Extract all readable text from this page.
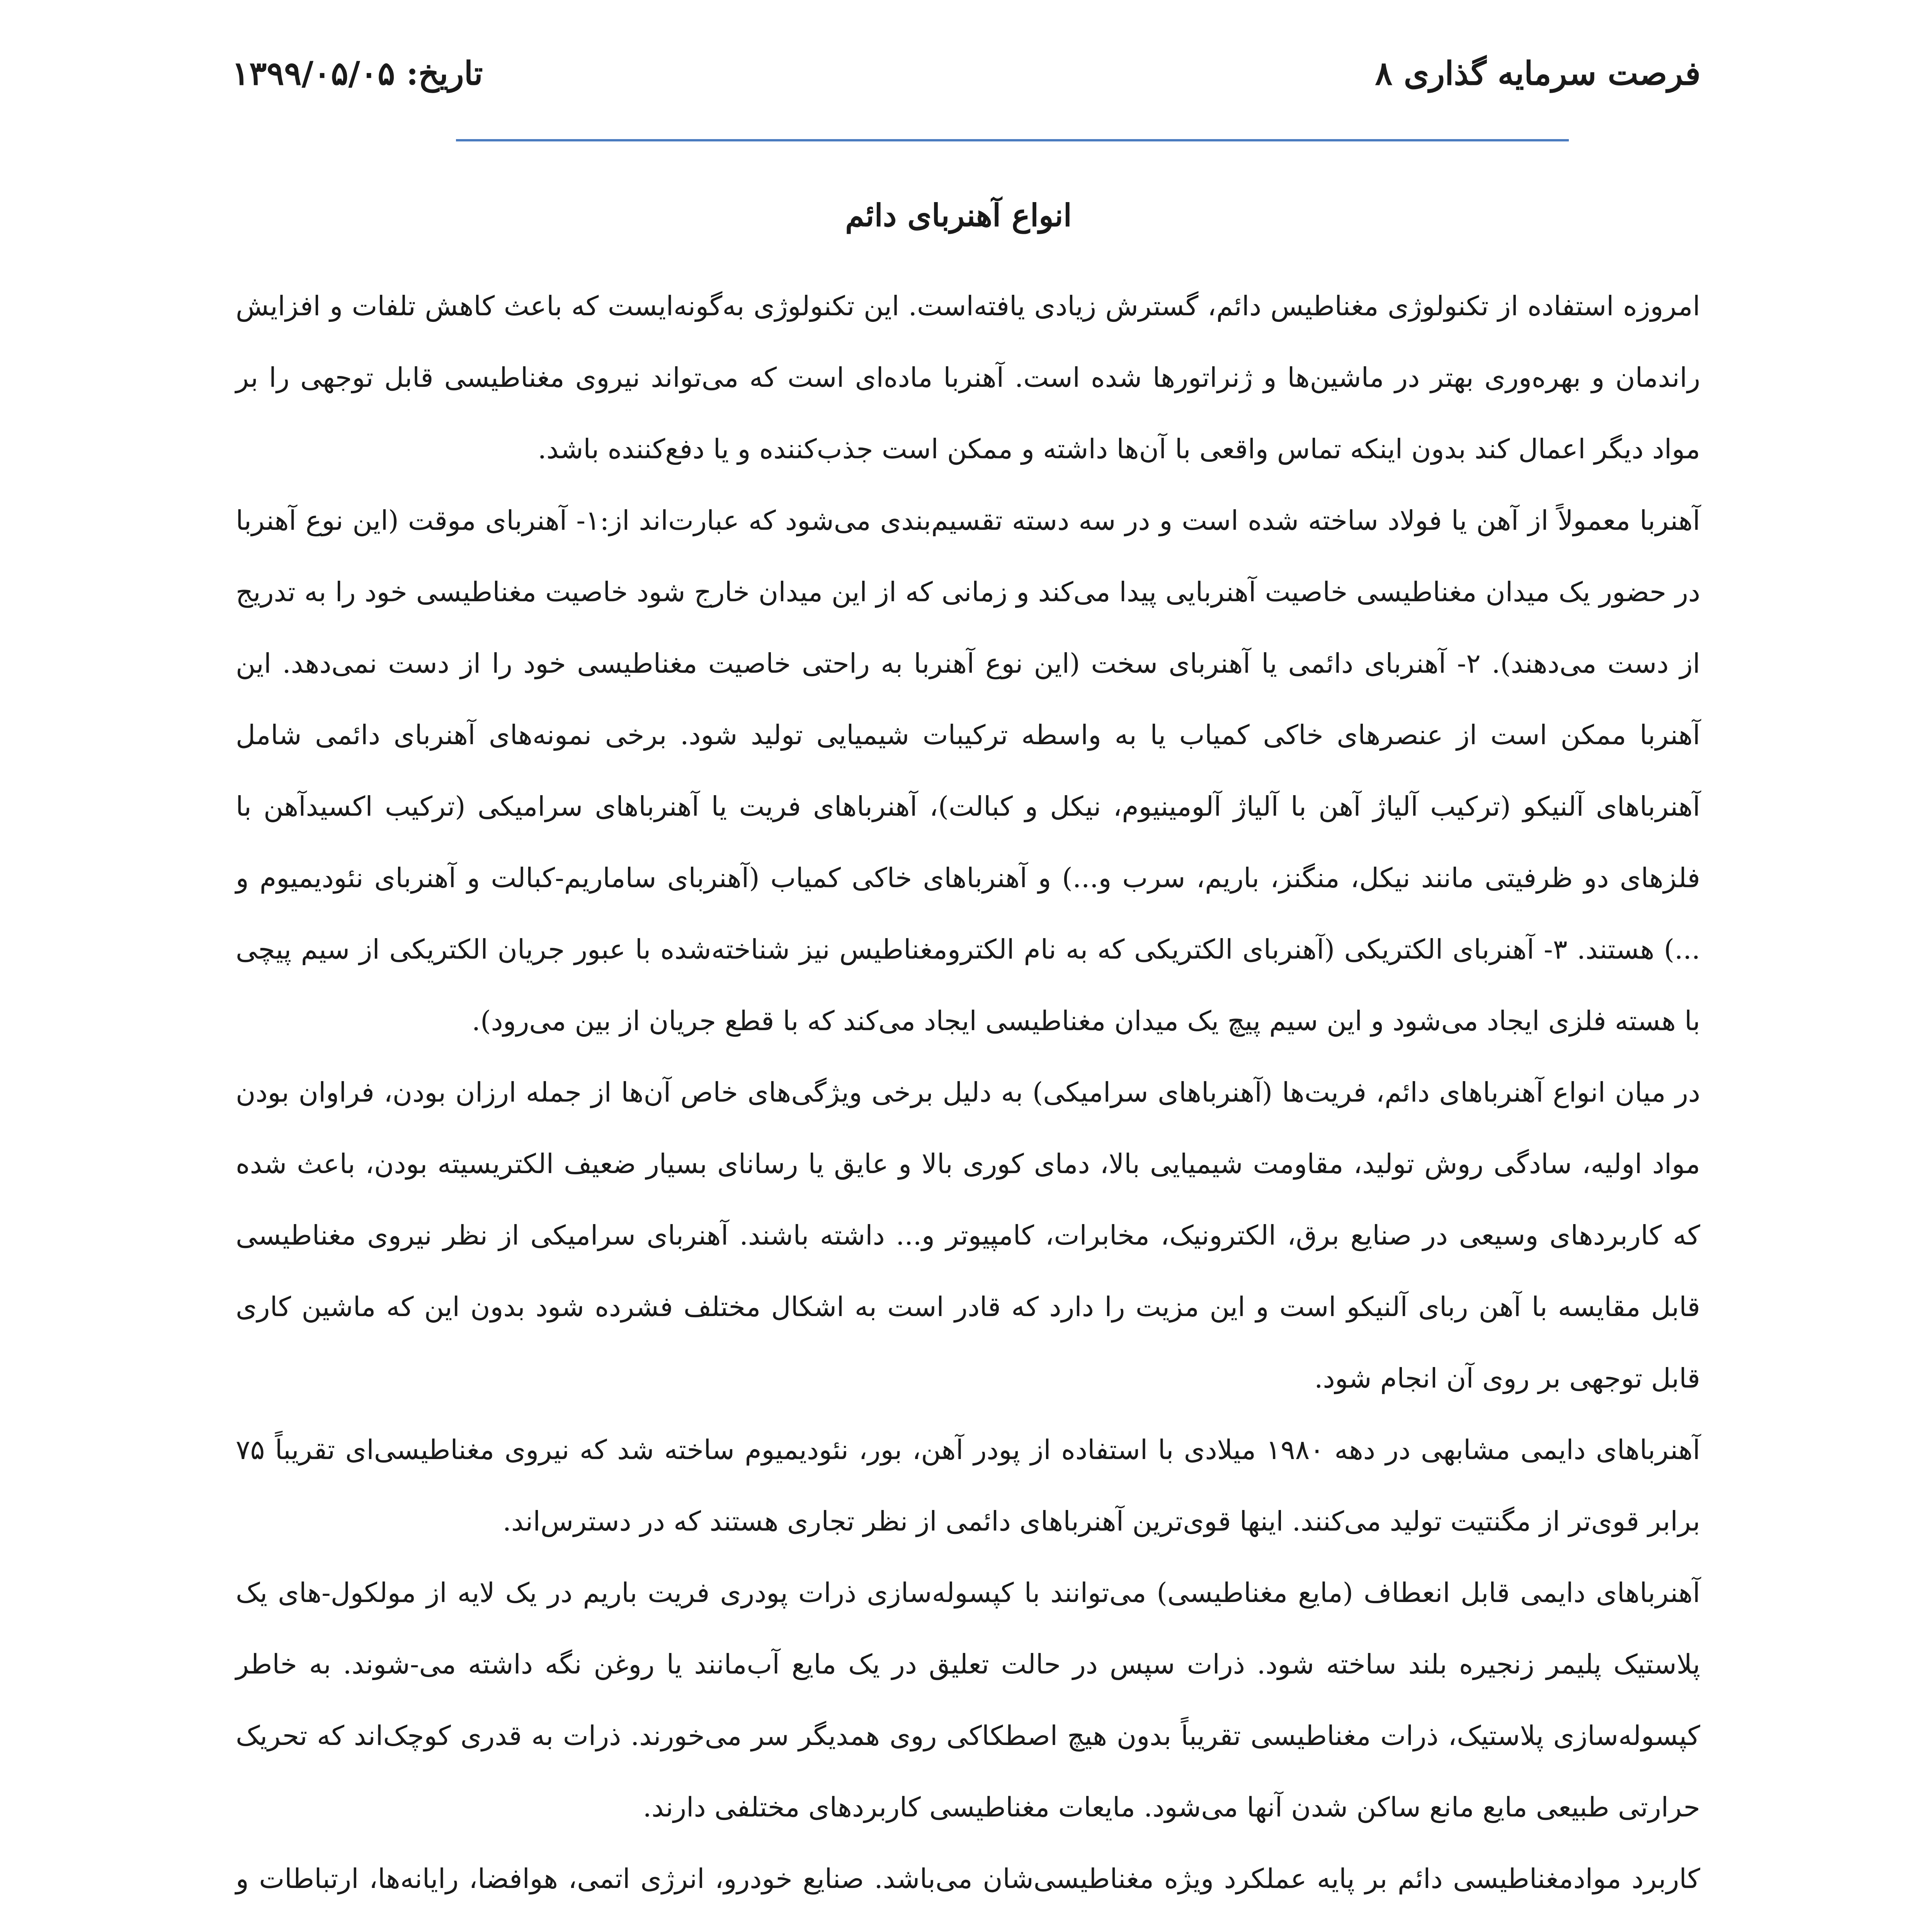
فرصت سرمایه گذاری ۸
تاریخ: ۱۳۹۹/۰۵/۰۵
انواع آهنربای دائم

امروزه استفاده از تکنولوژی مغناطیس دائم، گسترش زیادی یافته‌است. این تکنولوژی به‌گونه‌ایست که باعث کاهش تلفات و افزایش راندمان و بهره‌وری بهتر در ماشین‌ها و ژنراتورها شده است. آهنربا ماده‌ای است که می‌تواند نیروی مغناطیسی قابل توجهی را بر مواد دیگر اعمال کند بدون اینکه تماس واقعی با آن‌ها داشته و ممکن است جذب‌کننده و یا دفع‌کننده باشد.

آهنربا معمولاً از آهن یا فولاد ساخته شده است و در سه دسته تقسیم‌بندی می‌شود که عبارت‌اند از:۱- آهنربای موقت (این نوع آهنربا در حضور یک میدان مغناطیسی خاصیت آهنربایی پیدا می‌کند و زمانی که از این میدان خارج شود خاصیت مغناطیسی خود را به تدریج از دست می‌دهند). ۲- آهنربای دائمی یا آهنربای سخت (این نوع آهنربا به راحتی خاصیت مغناطیسی خود را از دست نمی‌دهد. این آهنربا ممکن است از عنصرهای خاکی کمیاب یا به واسطه ترکیبات شیمیایی تولید شود. برخی نمونه‌های آهنربای دائمی شامل آهنرباهای آلنیکو (ترکیب آلیاژ آهن با آلیاژ آلومینیوم، نیکل و کبالت)، آهنرباهای فریت یا آهنرباهای سرامیکی (ترکیب اکسیدآهن با فلزهای دو ظرفیتی مانند نیکل، منگنز، باریم، سرب و...) و آهنرباهای خاکی کمیاب (آهنربای ساماریم-کبالت و آهنربای نئودیمیوم و ...) هستند. ۳- آهنربای الکتریکی (آهنربای الکتریکی که به نام الکترومغناطیس نیز شناخته‌شده با عبور جریان الکتریکی از سیم پیچی با هسته فلزی ایجاد می‌شود و این سیم پیچ یک میدان مغناطیسی ایجاد می‌کند که با قطع جریان از بین می‌رود).

در میان انواع آهنرباهای دائم، فریت‌ها (آهنرباهای سرامیکی) به دلیل برخی ویژگی‌های خاص آن‌ها از جمله ارزان بودن، فراوان بودن مواد اولیه، سادگی روش تولید، مقاومت شیمیایی بالا، دمای کوری بالا و عایق یا رسانای بسیار ضعیف الکتریسیته بودن، باعث شده که کاربردهای وسیعی در صنایع برق، الکترونیک، مخابرات، کامپیوتر و... داشته باشند. آهنربای سرامیکی از نظر نیروی مغناطیسی قابل مقایسه با آهن ربای آلنیکو است و این مزیت را دارد که قادر است به اشکال مختلف فشرده شود بدون این که ماشین کاری قابل توجهی بر روی آن انجام شود.

آهنرباهای دایمی مشابهی در دهه ۱۹۸۰ میلادی با استفاده از پودر آهن، بور، نئودیمیوم ساخته شد که نیروی مغناطیسی‌ای تقریباً ۷۵ برابر قوی‌تر از مگنتیت تولید می‌کنند. اینها قوی‌ترین آهنرباهای دائمی از نظر تجاری هستند که در دسترس‌اند.

آهنرباهای دایمی قابل انعطاف (مایع مغناطیسی) می‌توانند با کپسوله‌سازی ذرات پودری فریت باریم در یک لایه از مولکول-های یک پلاستیک پلیمر زنجیره بلند ساخته شود. ذرات سپس در حالت تعلیق در یک مایع آب‌مانند یا روغن نگه داشته می-شوند. به خاطر کپسوله‌سازی پلاستیک، ذرات مغناطیسی تقریباً بدون هیچ اصطکاکی روی همدیگر سر می‌خورند. ذرات به قدری کوچک‌اند که تحریک حرارتی طبیعی مایع مانع ساکن شدن آنها می‌شود. مایعات مغناطیسی کاربردهای مختلفی دارند.

کاربرد موادمغناطیسی دائم بر پایه عملکرد ویژه مغناطیسی‌شان می‌باشد. صنایع خودرو، انرژی اتمی، هوافضا، رایانه‌ها، ارتباطات و
